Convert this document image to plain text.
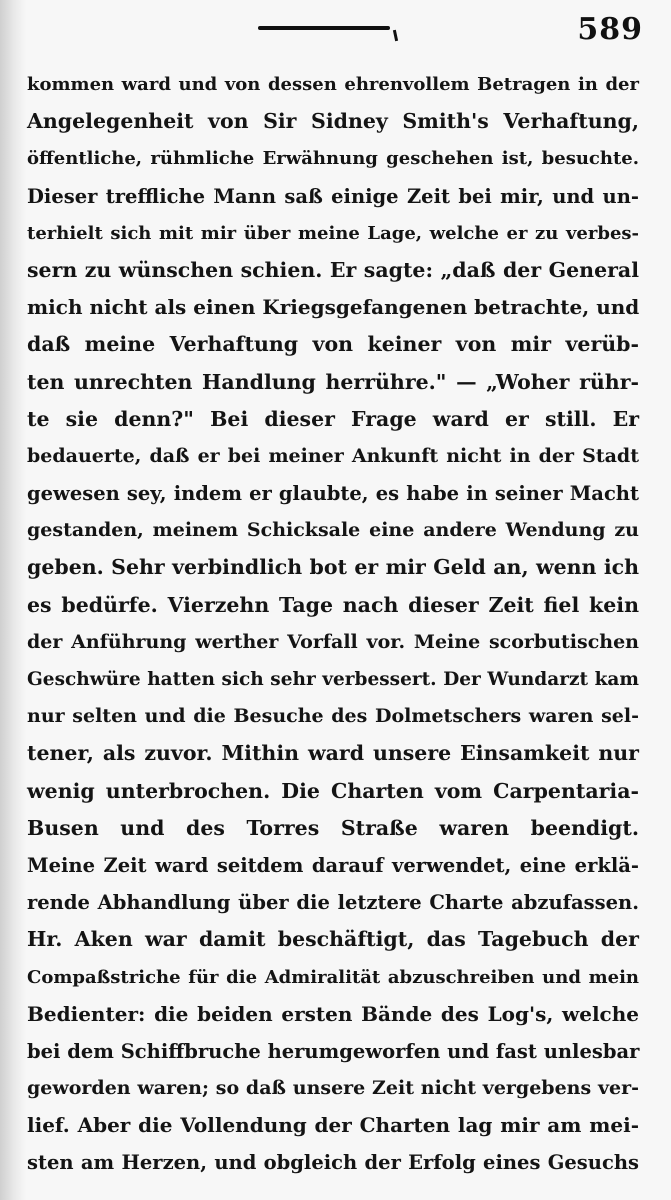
589
kommen ward und von dessen ehrenvollem Betragen in der
Angelegenheit von Sir Sidney Smith's Verhaftung,
öffentliche, rühmliche Erwähnung geschehen ist, besuchte.
Dieser treffliche Mann saß einige Zeit bei mir, und un-
terhielt sich mit mir über meine Lage, welche er zu verbes-
sern zu wünschen schien. Er sagte: „daß der General
mich nicht als einen Kriegsgefangenen betrachte, und
daß meine Verhaftung von keiner von mir verüb-
ten unrechten Handlung herrühre." — „Woher rühr-
te sie denn?" Bei dieser Frage ward er still. Er
bedauerte, daß er bei meiner Ankunft nicht in der Stadt
gewesen sey, indem er glaubte, es habe in seiner Macht
gestanden, meinem Schicksale eine andere Wendung zu
geben. Sehr verbindlich bot er mir Geld an, wenn ich
es bedürfe. Vierzehn Tage nach dieser Zeit fiel kein
der Anführung werther Vorfall vor. Meine scorbutischen
Geschwüre hatten sich sehr verbessert. Der Wundarzt kam
nur selten und die Besuche des Dolmetschers waren sel-
tener, als zuvor. Mithin ward unsere Einsamkeit nur
wenig unterbrochen. Die Charten vom Carpentaria-
Busen und des Torres Straße waren beendigt.
Meine Zeit ward seitdem darauf verwendet, eine erklä-
rende Abhandlung über die letztere Charte abzufassen.
Hr. Aken war damit beschäftigt, das Tagebuch der
Compaßstriche für die Admiralität abzuschreiben und mein
Bedienter: die beiden ersten Bände des Log's, welche
bei dem Schiffbruche herumgeworfen und fast unlesbar
geworden waren; so daß unsere Zeit nicht vergebens ver-
lief. Aber die Vollendung der Charten lag mir am mei-
sten am Herzen, und obgleich der Erfolg eines Gesuchs
